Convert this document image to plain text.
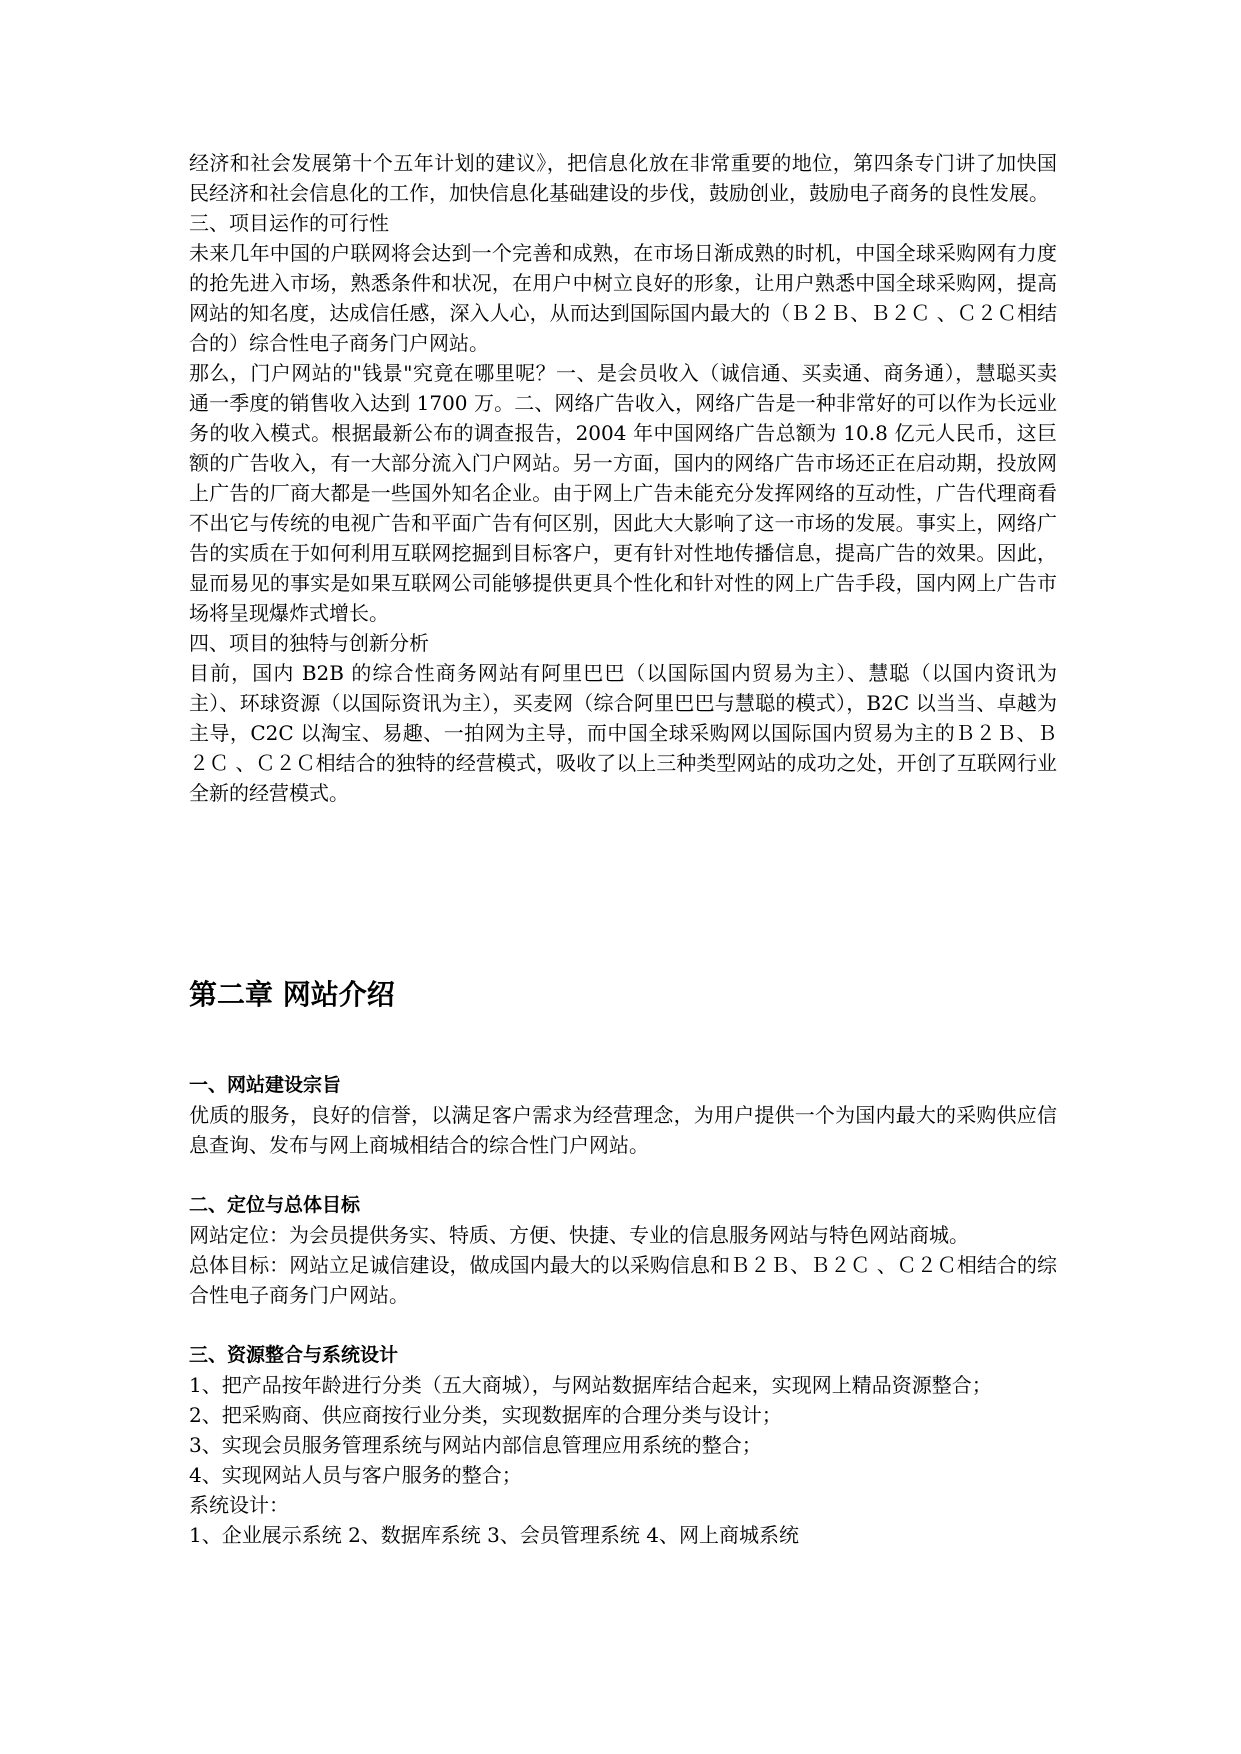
经济和社会发展第十个五年计划的建议》，把信息化放在非常重要的地位，第四条专门讲了加快国民经济和社会信息化的工作，加快信息化基础建设的步伐，鼓励创业，鼓励电子商务的良性发展。

三、项目运作的可行性

未来几年中国的户联网将会达到一个完善和成熟，在市场日渐成熟的时机，中国全球采购网有力度的抢先进入市场，熟悉条件和状况，在用户中树立良好的形象，让用户熟悉中国全球采购网，提高网站的知名度，达成信任感，深入人心，从而达到国际国内最大的（Ｂ２Ｂ、Ｂ２Ｃ 、Ｃ２Ｃ相结合的）综合性电子商务门户网站。

那么，门户网站的"钱景"究竟在哪里呢？一、是会员收入（诚信通、买卖通、商务通），慧聪买卖通一季度的销售收入达到 1700 万。二、网络广告收入，网络广告是一种非常好的可以作为长远业务的收入模式。根据最新公布的调查报告，2004 年中国网络广告总额为 10.8 亿元人民币，这巨额的广告收入，有一大部分流入门户网站。另一方面，国内的网络广告市场还正在启动期，投放网上广告的厂商大都是一些国外知名企业。由于网上广告未能充分发挥网络的互动性，广告代理商看不出它与传统的电视广告和平面广告有何区别，因此大大影响了这一市场的发展。事实上，网络广告的实质在于如何利用互联网挖掘到目标客户，更有针对性地传播信息，提高广告的效果。因此，显而易见的事实是如果互联网公司能够提供更具个性化和针对性的网上广告手段，国内网上广告市场将呈现爆炸式增长。

四、项目的独特与创新分析

目前，国内 B2B 的综合性商务网站有阿里巴巴（以国际国内贸易为主）、慧聪（以国内资讯为主）、环球资源（以国际资讯为主），买麦网（综合阿里巴巴与慧聪的模式），B2C 以当当、卓越为主导，C2C 以淘宝、易趣、一拍网为主导，而中国全球采购网以国际国内贸易为主的Ｂ２Ｂ、Ｂ２Ｃ 、Ｃ２Ｃ相结合的独特的经营模式，吸收了以上三种类型网站的成功之处，开创了互联网行业全新的经营模式。

第二章 网站介绍

一、网站建设宗旨

优质的服务，良好的信誉，以满足客户需求为经营理念，为用户提供一个为国内最大的采购供应信息查询、发布与网上商城相结合的综合性门户网站。

二、定位与总体目标

网站定位：为会员提供务实、特质、方便、快捷、专业的信息服务网站与特色网站商城。

总体目标：网站立足诚信建设，做成国内最大的以采购信息和Ｂ２Ｂ、Ｂ２Ｃ 、Ｃ２Ｃ相结合的综合性电子商务门户网站。

三、资源整合与系统设计

1、把产品按年龄进行分类（五大商城），与网站数据库结合起来，实现网上精品资源整合；

2、把采购商、供应商按行业分类，实现数据库的合理分类与设计；

3、实现会员服务管理系统与网站内部信息管理应用系统的整合；

4、实现网站人员与客户服务的整合；

系统设计：

1、企业展示系统 2、数据库系统 3、会员管理系统 4、网上商城系统
